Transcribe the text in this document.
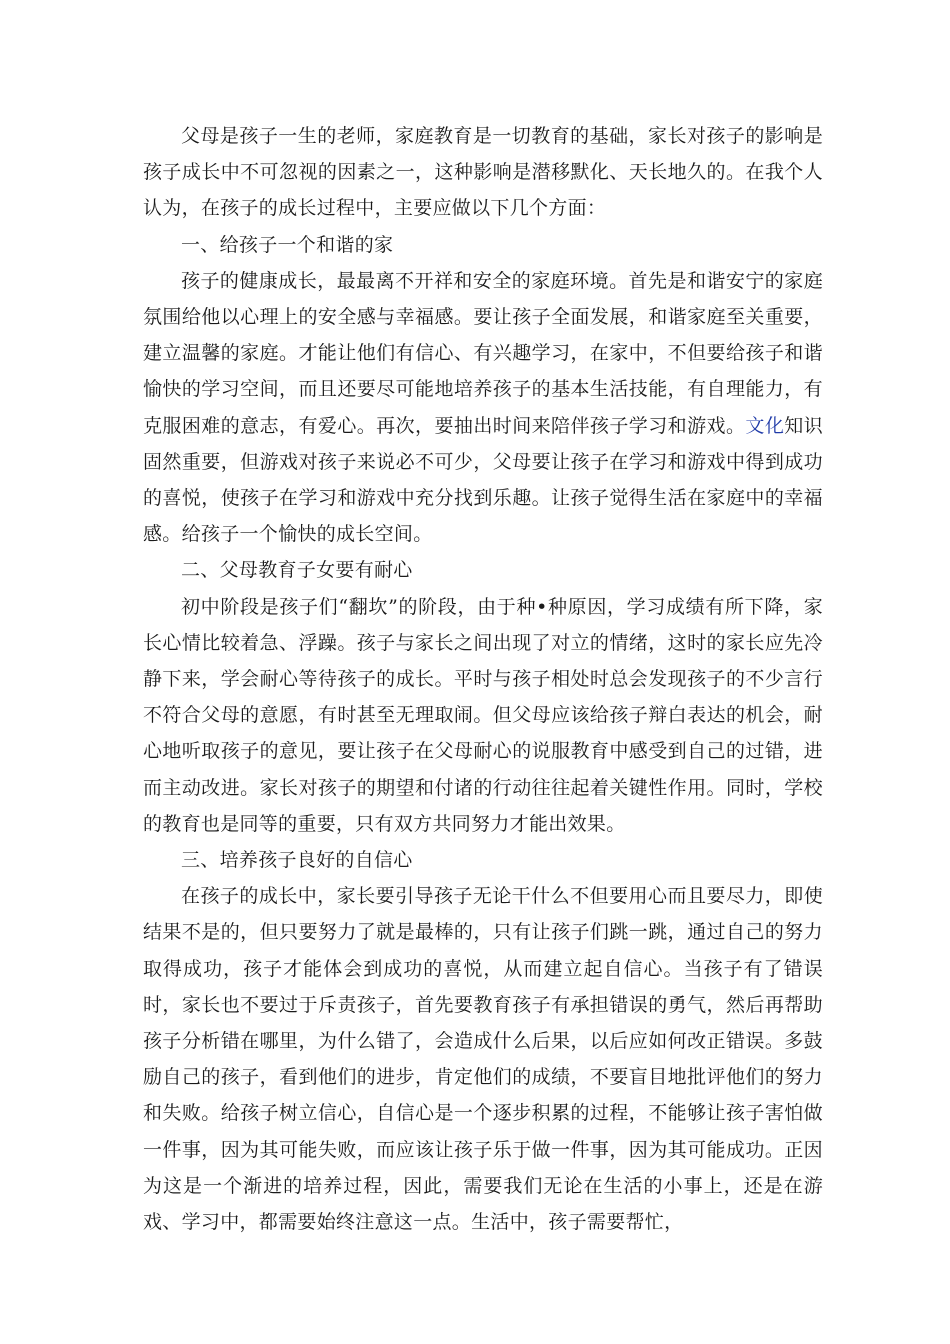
父母是孩子一生的老师，家庭教育是一切教育的基础，家长对孩子的影响是孩子成长中不可忽视的因素之一，这种影响是潜移默化、天长地久的。在我个人认为，在孩子的成长过程中，主要应做以下几个方面：

一、给孩子一个和谐的家

孩子的健康成长，最最离不开祥和安全的家庭环境。首先是和谐安宁的家庭氛围给他以心理上的安全感与幸福感。要让孩子全面发展，和谐家庭至关重要，建立温馨的家庭。才能让他们有信心、有兴趣学习，在家中，不但要给孩子和谐愉快的学习空间，而且还要尽可能地培养孩子的基本生活技能，有自理能力，有克服困难的意志，有爱心。再次，要抽出时间来陪伴孩子学习和游戏。文化知识固然重要，但游戏对孩子来说必不可少，父母要让孩子在学习和游戏中得到成功的喜悦，使孩子在学习和游戏中充分找到乐趣。让孩子觉得生活在家庭中的幸福感。给孩子一个愉快的成长空间。

二、父母教育子女要有耐心

初中阶段是孩子们“翻坎”的阶段，由于种•种原因，学习成绩有所下降，家长心情比较着急、浮躁。孩子与家长之间出现了对立的情绪，这时的家长应先冷静下来，学会耐心等待孩子的成长。平时与孩子相处时总会发现孩子的不少言行不符合父母的意愿，有时甚至无理取闹。但父母应该给孩子辩白表达的机会，耐心地听取孩子的意见，要让孩子在父母耐心的说服教育中感受到自己的过错，进而主动改进。家长对孩子的期望和付诸的行动往往起着关键性作用。同时，学校的教育也是同等的重要，只有双方共同努力才能出效果。

三、培养孩子良好的自信心

在孩子的成长中，家长要引导孩子无论干什么不但要用心而且要尽力，即使结果不是的，但只要努力了就是最棒的，只有让孩子们跳一跳，通过自己的努力取得成功，孩子才能体会到成功的喜悦，从而建立起自信心。当孩子有了错误时，家长也不要过于斥责孩子，首先要教育孩子有承担错误的勇气，然后再帮助孩子分析错在哪里，为什么错了，会造成什么后果，以后应如何改正错误。多鼓励自己的孩子，看到他们的进步，肯定他们的成绩，不要盲目地批评他们的努力和失败。给孩子树立信心，自信心是一个逐步积累的过程，不能够让孩子害怕做一件事，因为其可能失败，而应该让孩子乐于做一件事，因为其可能成功。正因为这是一个渐进的培养过程，因此，需要我们无论在生活的小事上，还是在游戏、学习中，都需要始终注意这一点。生活中，孩子需要帮忙，
